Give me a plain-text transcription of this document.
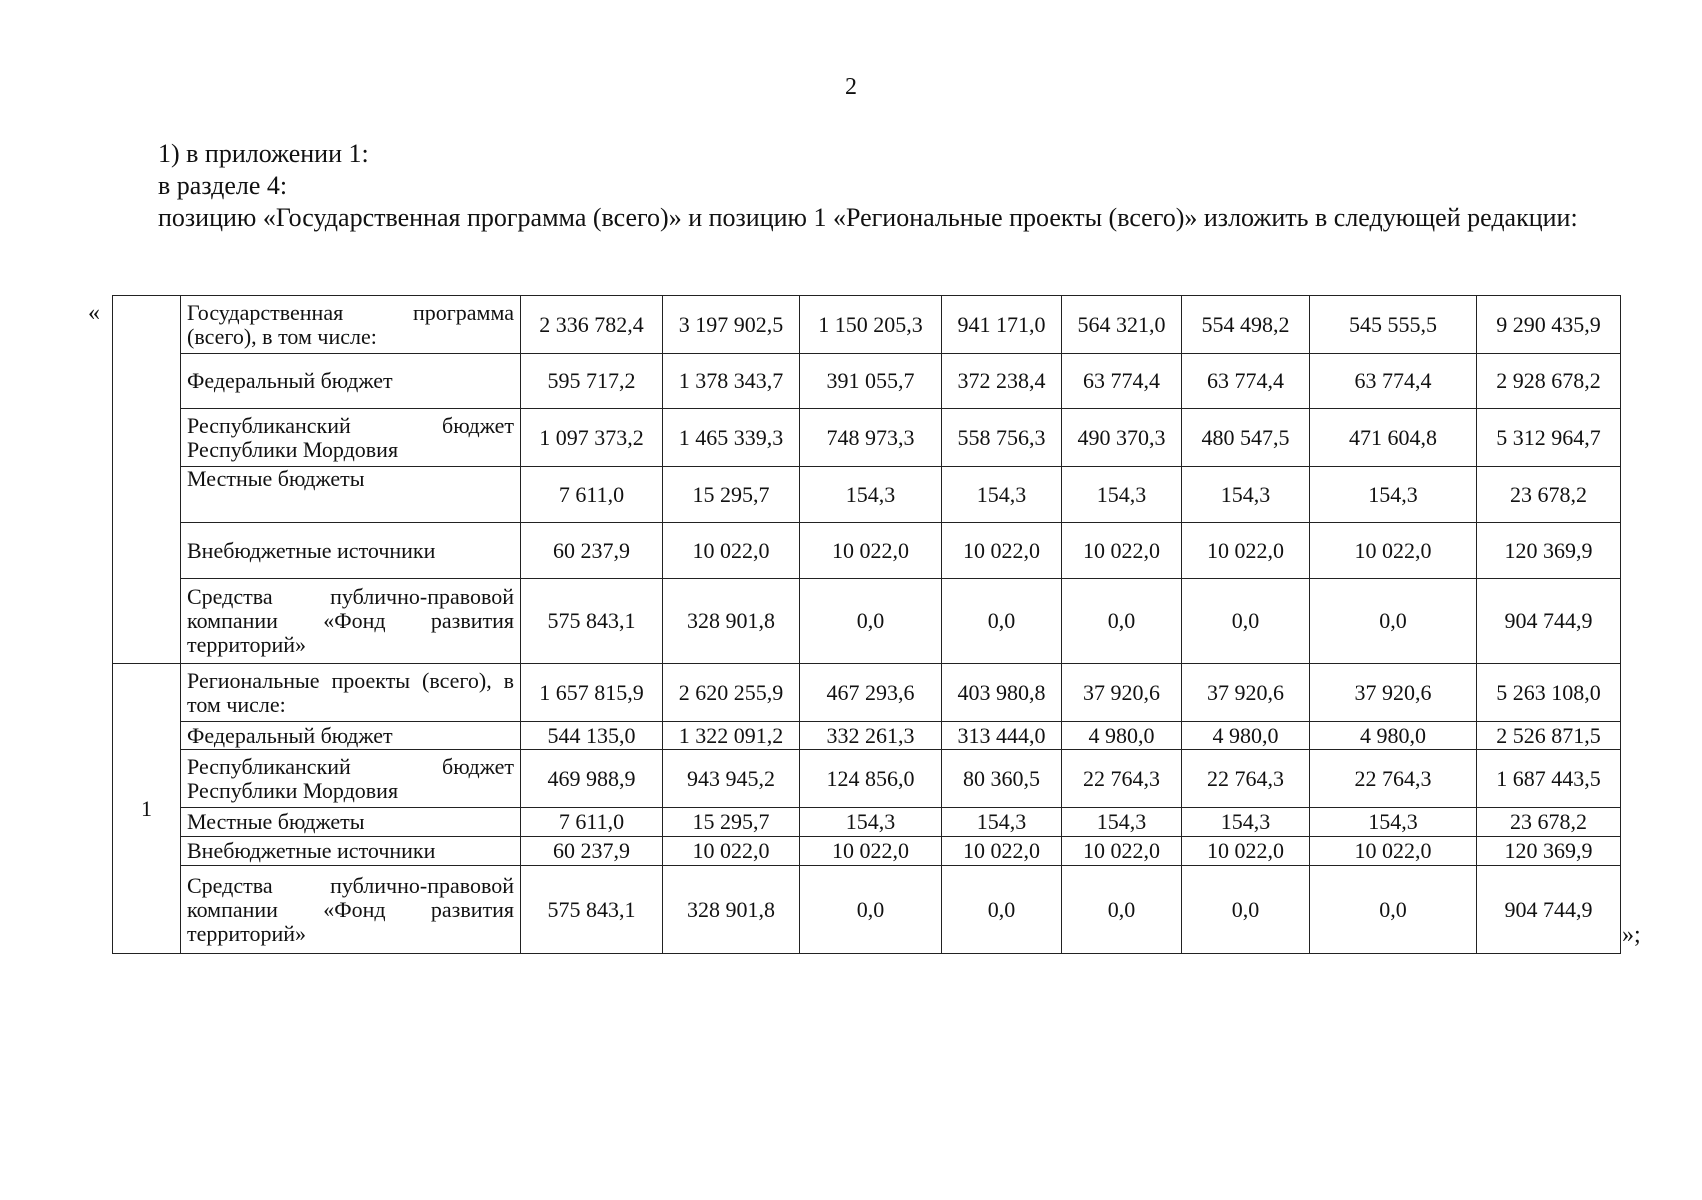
2
1) в приложении 1:
в разделе 4:
позицию «Государственная программа (всего)» и позицию 1 «Региональные проекты (всего)» изложить в следующей редакции:
«
		Государственная программа (всего), в том числе:	2 336 782,4	3 197 902,5	1 150 205,3	941 171,0	564 321,0	554 498,2	545 555,5	9 290 435,9
	Федеральный бюджет	595 717,2	1 378 343,7	391 055,7	372 238,4	63 774,4	63 774,4	63 774,4	2 928 678,2
	Республиканский бюджет Республики Мордовия	1 097 373,2	1 465 339,3	748 973,3	558 756,3	490 370,3	480 547,5	471 604,8	5 312 964,7
	Местные бюджеты	7 611,0	15 295,7	154,3	154,3	154,3	154,3	154,3	23 678,2
	Внебюджетные источники	60 237,9	10 022,0	10 022,0	10 022,0	10 022,0	10 022,0	10 022,0	120 369,9
	Средства публично-правовой компании «Фонд развития территорий»	575 843,1	328 901,8	0,0	0,0	0,0	0,0	0,0	904 744,9
1	Региональные проекты (всего), в том числе:	1 657 815,9	2 620 255,9	467 293,6	403 980,8	37 920,6	37 920,6	37 920,6	5 263 108,0
	Федеральный бюджет	544 135,0	1 322 091,2	332 261,3	313 444,0	4 980,0	4 980,0	4 980,0	2 526 871,5
	Республиканский бюджет Республики Мордовия	469 988,9	943 945,2	124 856,0	80 360,5	22 764,3	22 764,3	22 764,3	1 687 443,5
	Местные бюджеты	7 611,0	15 295,7	154,3	154,3	154,3	154,3	154,3	23 678,2
	Внебюджетные источники	60 237,9	10 022,0	10 022,0	10 022,0	10 022,0	10 022,0	10 022,0	120 369,9
	Средства публично-правовой компании «Фонд развития территорий»	575 843,1	328 901,8	0,0	0,0	0,0	0,0	0,0	904 744,9
»;
